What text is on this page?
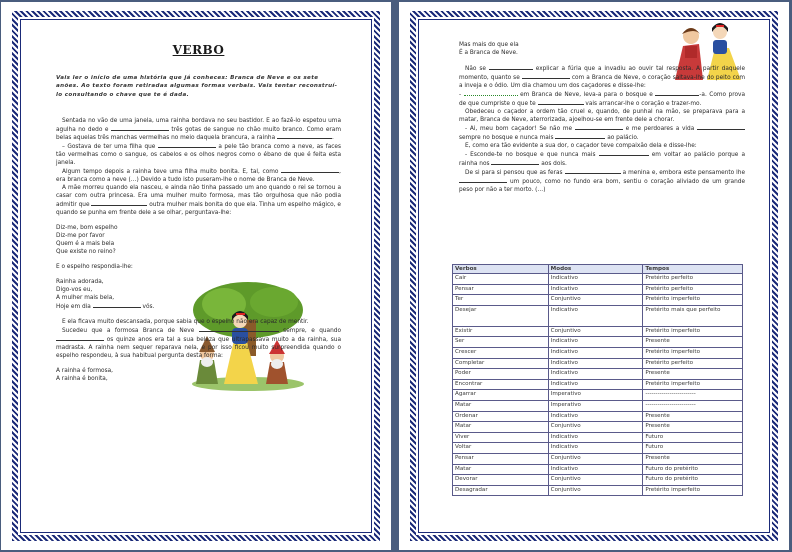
VERBO
Vais ler o início de uma história que já conheces: Branca de Neve e os sete anões. Ao texto foram retiradas algumas formas verbais. Vais tentar reconstruí-lo consultando o chave que te é dada.
Sentada no vão de uma janela, uma rainha bordava no seu bastidor. E ao fazê-lo espetou uma agulha no dedo e	três gotas de sangue no chão muito branco. Como eram belas aquelas três manchas vermelhas no meio daquela brancura, a rainha	.
– Gostava de ter uma filha que	a pele tão branca como a neve, as faces tão vermelhas como o sangue, os cabelos e os olhos negros como o ébano de que é feita esta janela.
Algum tempo depois a rainha teve uma filha muito bonita. E, tal, como	, era branca como a neve (…) Devido a tudo isto puseram-lhe o nome de Branca de Neve.
A mãe morreu quando ela nasceu, e ainda não tinha passado um ano quando o rei se tornou a casar com outra princesa. Era uma mulher muito formosa, mas tão orgulhosa que não podia admitir que	outra mulher mais bonita do que ela. Tinha um espelho mágico, e quando se punha em frente dele a se olhar, perguntava-lhe:
Diz-me, bom espelho
Diz-me por favor
Quem é a mais bela
Que existe no reino?
E o espelho respondia-lhe:
Rainha adorada,
Digo-vos eu,
A mulher mais bela,
Hoje em dia	vós.
E ela ficava muito descansada, porque sabia que o espelho não era capaz de mentir.
Sucedeu que a formosa Branca de Neve	sempre, e quando  os quinze anos era tal a sua beleza que ultrapassava muito a da rainha, sua madrasta. A rainha nem sequer reparava nela, e por isso ficou muito surpreendida quando o espelho respondeu, à sua habitual pergunta desta forma:
A rainha é formosa,
A rainha é bonita,
Mas mais do que ela
É a Branca de Neve.
Não se	explicar a fúria que a invadiu ao ouvir tal resposta. A partir daquele momento, quanto se	com a Branca de Neve, o coração saltava-lhe do peito com a inveja e o ódio. Um dia chamou um dos caçadores e disse-lhe:
-	em Branca de Neve, leva-a para o bosque e	-a. Como prova de que cumpriste o que te	vais arrancar-lhe o coração e trazer-mo.
Obedeceu o caçador a ordem tão cruel e, quando, de punhal na mão, se preparava para a matar, Branca de Neve, aterrorizada, ajoelhou-se em frente dele a chorar.
- Ai, meu bom caçador! Se não me	e me perdoares a vida  sempre no bosque e nunca mais	ao palácio.
E, como era tão evidente a sua dor, o caçador teve compaixão dela e disse-lhe:
- Esconde-te no bosque e que nunca mais	em voltar ao palácio porque a rainha nos	aos dois.
De si para si pensou que as feras	a menina e, embora este pensamento lhe  um pouco, como no fundo era bom, sentiu o coração aliviado de um grande peso por não a ter morto. (…)
Verbos	Modos	Tempos
Cair	Indicativo	Pretérito perfeito
Pensar	Indicativo	Pretérito perfeito
Ter	Conjuntivo	Pretérito imperfeito
Desejar	Indicativo	Pretérito mais que perfeito
Existir	Conjuntivo	Pretérito imperfeito
Ser	Indicativo	Presente
Crescer	Indicativo	Pretérito imperfeito
Completar	Indicativo	Pretérito perfeito
Poder	Indicativo	Presente
Encontrar	Indicativo	Pretérito imperfeito
Agarrar	Imperativo	-------------------------
Matar	Imperativo	-------------------------
Ordenar	Indicativo	Presente
Matar	Conjuntivo	Presente
Viver	Indicativo	Futuro
Voltar	Indicativo	Futuro
Pensar	Conjuntivo	Presente
Matar	Indicativo	Futuro do pretérito
Devorar	Conjuntivo	Futuro do pretérito
Desagradar	Conjuntivo	Pretérito imperfeito
